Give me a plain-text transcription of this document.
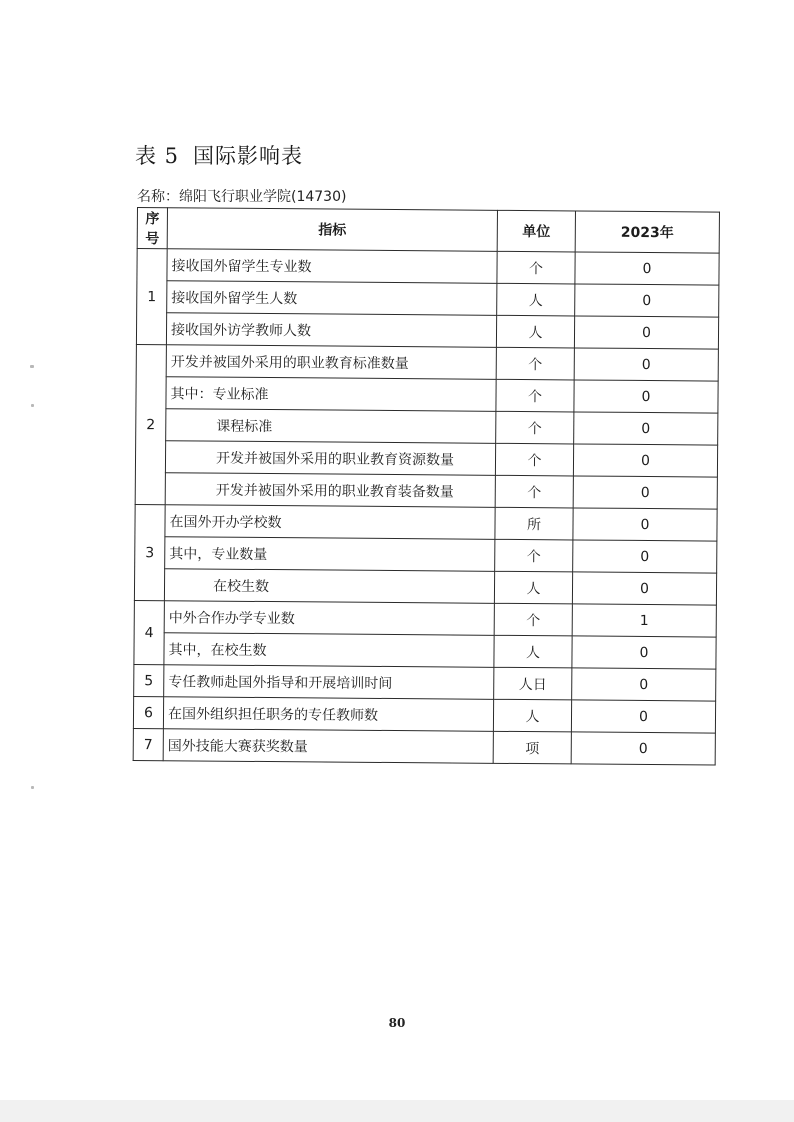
表 5 国际影响表
名称：绵阳飞行职业学院(14730)
序号	指标	单位	2023年
1	接收国外留学生专业数	个	0
	接收国外留学生人数	人	0
	接收国外访学教师人数	人	0
2	开发并被国外采用的职业教育标准数量	个	0
	其中：专业标准	个	0
	课程标准	个	0
	开发并被国外采用的职业教育资源数量	个	0
	开发并被国外采用的职业教育装备数量	个	0
3	在国外开办学校数	所	0
	其中，专业数量	个	0
	在校生数	人	0
4	中外合作办学专业数	个	1
	其中，在校生数	人	0
5	专任教师赴国外指导和开展培训时间	人日	0
6	在国外组织担任职务的专任教师数	人	0
7	国外技能大赛获奖数量	项	0
80
